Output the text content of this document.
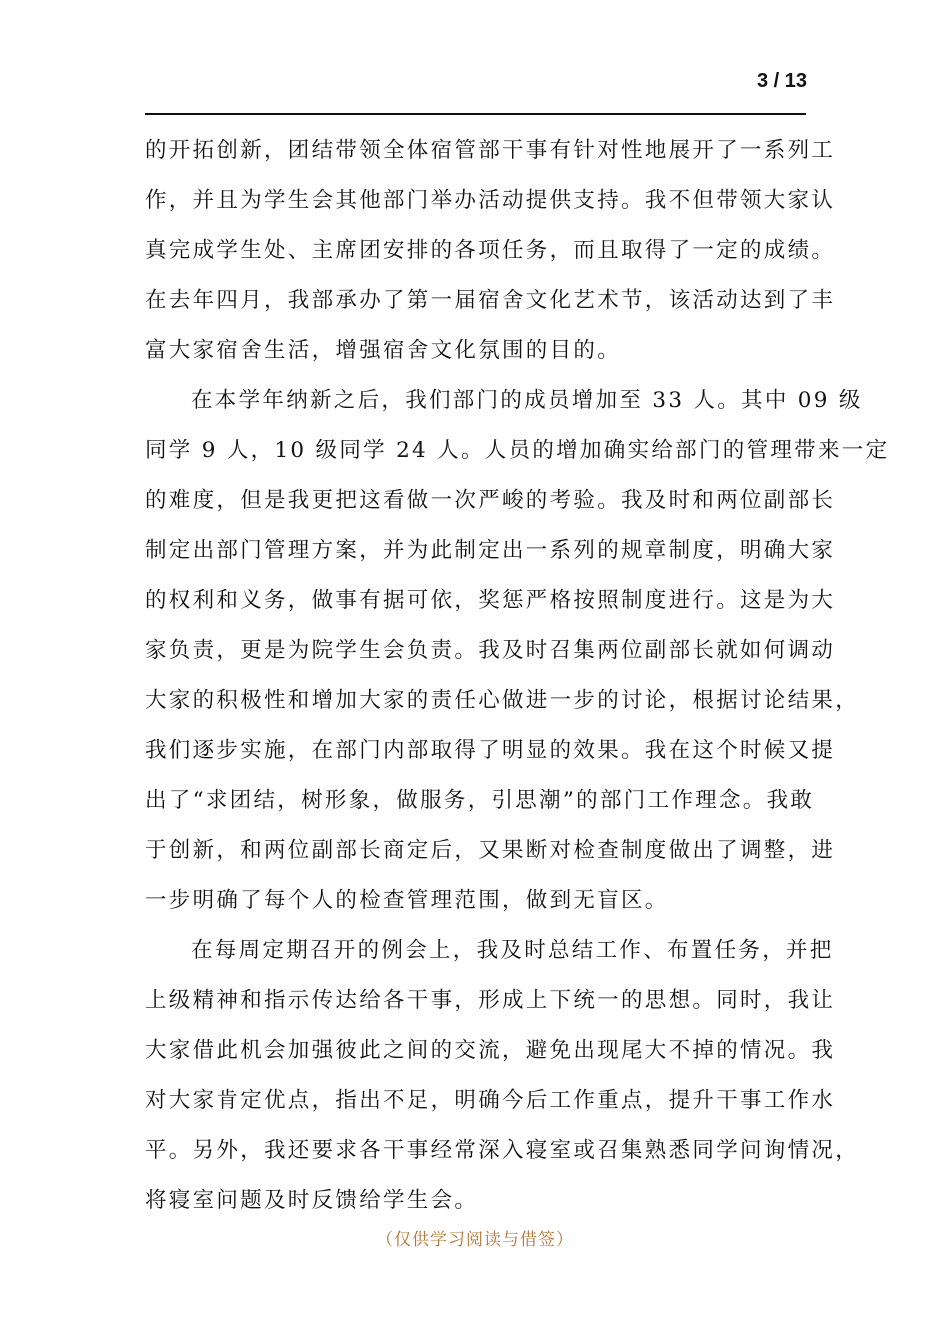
3 / 13
的开拓创新，团结带领全体宿管部干事有针对性地展开了一系列工
作，并且为学生会其他部门举办活动提供支持。我不但带领大家认
真完成学生处、主席团安排的各项任务，而且取得了一定的成绩。
在去年四月，我部承办了第一届宿舍文化艺术节，该活动达到了丰
富大家宿舍生活，增强宿舍文化氛围的目的。
在本学年纳新之后，我们部门的成员增加至 33 人。其中 09 级
同学 9 人，10 级同学 24 人。人员的增加确实给部门的管理带来一定
的难度，但是我更把这看做一次严峻的考验。我及时和两位副部长
制定出部门管理方案，并为此制定出一系列的规章制度，明确大家
的权利和义务，做事有据可依，奖惩严格按照制度进行。这是为大
家负责，更是为院学生会负责。我及时召集两位副部长就如何调动
大家的积极性和增加大家的责任心做进一步的讨论，根据讨论结果，
我们逐步实施，在部门内部取得了明显的效果。我在这个时候又提
出了“求团结，树形象，做服务，引思潮”的部门工作理念。我敢
于创新，和两位副部长商定后，又果断对检查制度做出了调整，进
一步明确了每个人的检查管理范围，做到无盲区。
在每周定期召开的例会上，我及时总结工作、布置任务，并把
上级精神和指示传达给各干事，形成上下统一的思想。同时，我让
大家借此机会加强彼此之间的交流，避免出现尾大不掉的情况。我
对大家肯定优点，指出不足，明确今后工作重点，提升干事工作水
平。另外，我还要求各干事经常深入寝室或召集熟悉同学问询情况，
将寝室问题及时反馈给学生会。
（仅供学习阅读与借签）
